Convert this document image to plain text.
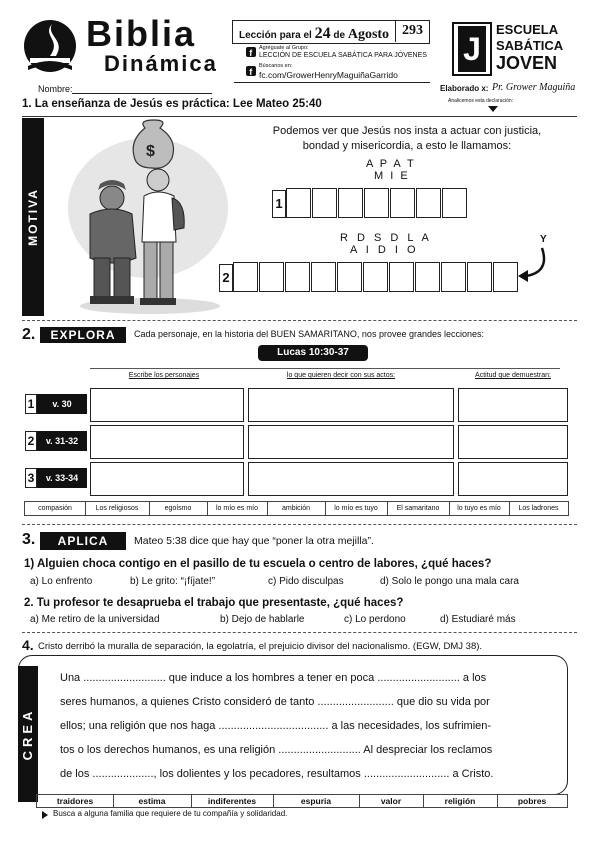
Biblia
Dinámica
Nombre:
Lección para el 24 de Agosto 293
f Agréguate al Grupo:
LECCIÓN DE ESCUELA SABÁTICA PARA JÓVENES
f
Búscanos en:
fc.com/GrowerHenryMaguiñaGarrido
J
ESCUELA
SABÁTICA
JOVEN
Elaborado x: Pr. Grower Maguiña
Analicemos esta declaración:
1. La enseñanza de Jesús es práctica: Lee Mateo 25:40
MOTIVA
$
Podemos ver que Jesús nos insta a actuar con justicia, bondad y misericordia, a esto le llamamos:
A P A T
M I E
1
R D S D L A
A I D I O
Y
2
2.	EXPLORA	Cada personaje, en la historia del BUEN SAMARITANO, nos provee grandes lecciones:
Lucas 10:30-37
Escribe los personajes	lo que quieren decir con sus actos:	Actitud que demuestran:
1	v. 30
2	v. 31-32
3	v. 33-34
compasión	Los religiosos	egoísmo	lo mío es mío	ambición	lo mío es tuyo	El samaritano	lo tuyo es mío	Los ladrones
3.	APLICA	Mateo 5:38 dice que hay que “poner la otra mejilla”.
1) Alguien choca contigo en el pasillo de tu escuela o centro de labores, ¿qué haces?
a) Lo enfrento	b) Le grito: “¡fíjate!”	c) Pido disculpas	d) Solo le pongo una mala cara
2. Tu profesor te desaprueba el trabajo que presentaste, ¿qué haces?
a) Me retiro de la universidad	b) Dejo de hablarle	c) Lo perdono	d) Estudiaré más
4. Cristo derribó la muralla de separación, la egolatría, el prejuicio divisor del nacionalismo. (EGW, DMJ 38).
CREA
Una ........................... que induce a los hombres a tener en poca ........................... a los
seres humanos, a quienes Cristo consideró de tanto ......................... que dio su vida por
ellos; una religión que nos haga .................................... a las necesidades, los sufrimien-
tos o los derechos humanos, es una religión ........................... Al despreciar los reclamos
de los ...................., los dolientes y los pecadores, resultamos ............................ a Cristo.
traidores	estima	indiferentes	espuria	valor	religión	pobres
Busca a alguna familia que requiere de tu compañía y solidaridad.
